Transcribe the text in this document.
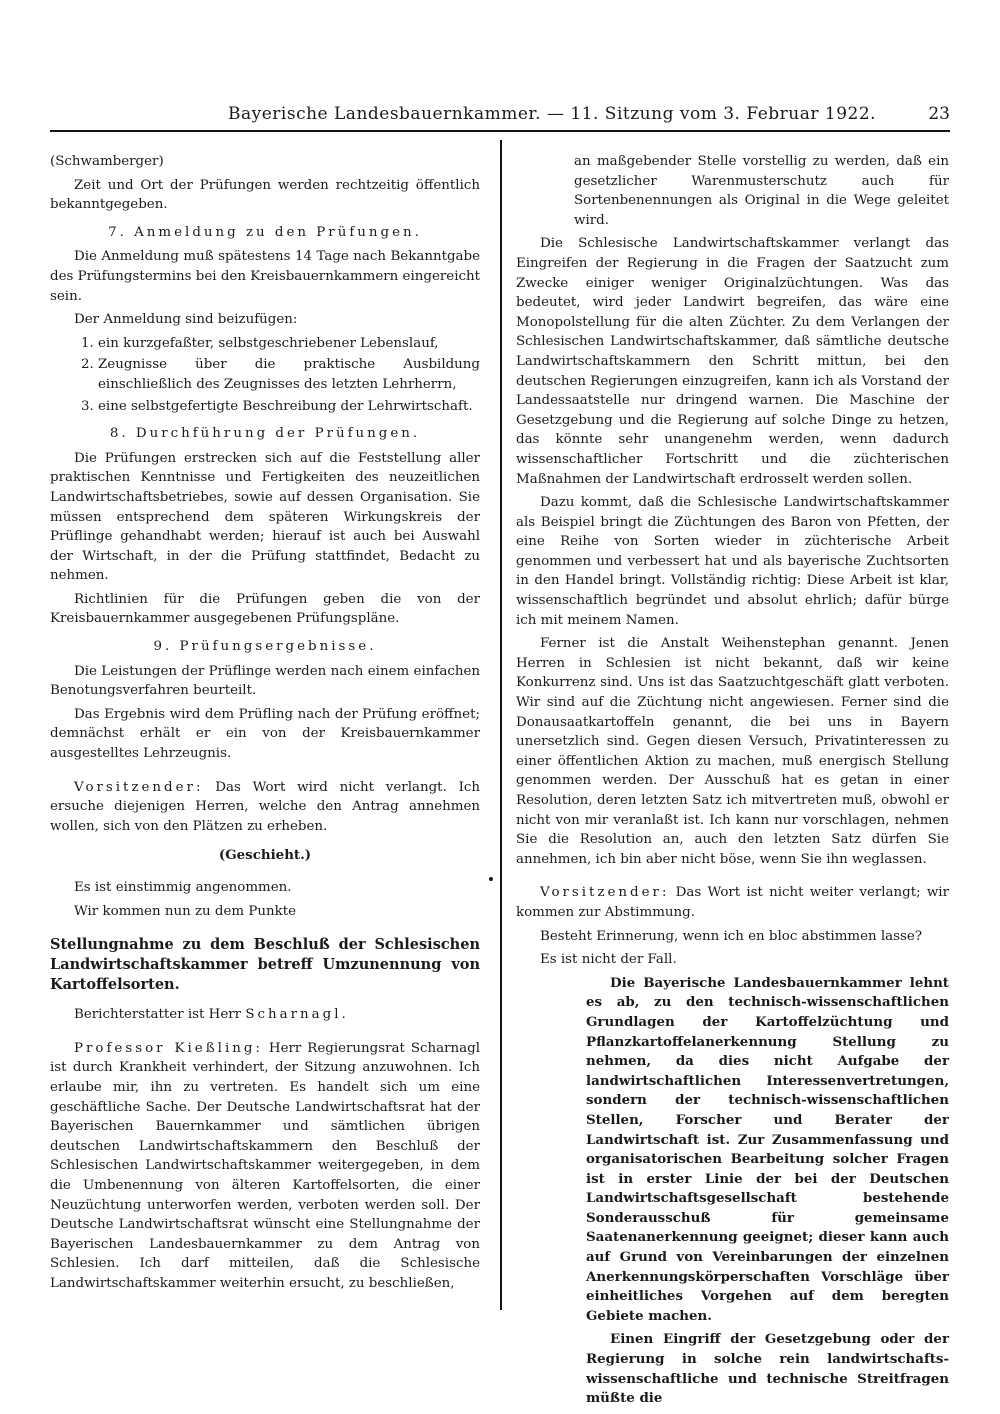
Bayerische Landesbauernkammer. — 11. Sitzung vom 3. Februar 1922.	23

(Schwamberger)

Zeit und Ort der Prüfungen werden rechtzeitig öffentlich bekanntgegeben.

7. Anmeldung zu den Prüfungen.

Die Anmeldung muß spätestens 14 Tage nach Bekanntgabe des Prüfungstermins bei den Kreisbauernkammern eingereicht sein.

Der Anmeldung sind beizufügen:

1. ein kurzgefaßter, selbstgeschriebener Lebenslauf,
2. Zeugnisse über die praktische Ausbildung einschließlich des Zeugnisses des letzten Lehrherrn,
3. eine selbstgefertigte Beschreibung der Lehrwirtschaft.
8. Durchführung der Prüfungen.

Die Prüfungen erstrecken sich auf die Feststellung aller praktischen Kenntnisse und Fertigkeiten des neuzeitlichen Landwirtschaftsbetriebes, sowie auf dessen Organisation. Sie müssen entsprechend dem späteren Wirkungskreis der Prüflinge gehandhabt werden; hierauf ist auch bei Auswahl der Wirtschaft, in der die Prüfung stattfindet, Bedacht zu nehmen.

Richtlinien für die Prüfungen geben die von der Kreisbauernkammer ausgegebenen Prüfungspläne.

9. Prüfungsergebnisse.

Die Leistungen der Prüflinge werden nach einem einfachen Benotungsverfahren beurteilt.

Das Ergebnis wird dem Prüfling nach der Prüfung eröffnet; demnächst erhält er ein von der Kreisbauernkammer ausgestelltes Lehrzeugnis.

Vorsitzender: Das Wort wird nicht verlangt. Ich ersuche diejenigen Herren, welche den Antrag annehmen wollen, sich von den Plätzen zu erheben.

(Geschieht.)

Es ist einstimmig angenommen.

Wir kommen nun zu dem Punkte

Stellungnahme zu dem Beschluß der Schlesischen Landwirtschaftskammer betreff Umzunennung von Kartoffelsorten.

Berichterstatter ist Herr Scharnagl.

Professor Kießling: Herr Regierungsrat Scharnagl ist durch Krankheit verhindert, der Sitzung anzuwohnen. Ich erlaube mir, ihn zu vertreten. Es handelt sich um eine geschäftliche Sache. Der Deutsche Landwirtschaftsrat hat der Bayerischen Bauernkammer und sämtlichen übrigen deutschen Landwirtschaftskammern den Beschluß der Schlesischen Landwirtschaftskammer weitergegeben, in dem die Umbenennung von älteren Kartoffelsorten, die einer Neuzüchtung unterworfen werden, verboten werden soll. Der Deutsche Landwirtschaftsrat wünscht eine Stellungnahme der Bayerischen Landesbauernkammer zu dem Antrag von Schlesien. Ich darf mitteilen, daß die Schlesische Landwirtschaftskammer weiterhin ersucht, zu beschließen,

an maßgebender Stelle vorstellig zu werden, daß ein gesetzlicher Warenmusterschutz auch für Sortenbenennungen als Original in die Wege geleitet wird.

Die Schlesische Landwirtschaftskammer verlangt das Eingreifen der Regierung in die Fragen der Saatzucht zum Zwecke einiger weniger Originalzüchtungen. Was das bedeutet, wird jeder Landwirt begreifen, das wäre eine Monopolstellung für die alten Züchter. Zu dem Verlangen der Schlesischen Landwirtschaftskammer, daß sämtliche deutsche Landwirtschaftskammern den Schritt mittun, bei den deutschen Regierungen einzugreifen, kann ich als Vorstand der Landessaatstelle nur dringend warnen. Die Maschine der Gesetzgebung und die Regierung auf solche Dinge zu hetzen, das könnte sehr unangenehm werden, wenn dadurch wissenschaftlicher Fortschritt und die züchterischen Maßnahmen der Landwirtschaft erdrosselt werden sollen.

Dazu kommt, daß die Schlesische Landwirtschaftskammer als Beispiel bringt die Züchtungen des Baron von Pfetten, der eine Reihe von Sorten wieder in züchterische Arbeit genommen und verbessert hat und als bayerische Zuchtsorten in den Handel bringt. Vollständig richtig: Diese Arbeit ist klar, wissenschaftlich begründet und absolut ehrlich; dafür bürge ich mit meinem Namen.

Ferner ist die Anstalt Weihenstephan genannt. Jenen Herren in Schlesien ist nicht bekannt, daß wir keine Konkurrenz sind. Uns ist das Saatzuchtgeschäft glatt verboten. Wir sind auf die Züchtung nicht angewiesen. Ferner sind die Donausaatkartoffeln genannt, die bei uns in Bayern unersetzlich sind. Gegen diesen Versuch, Privatinteressen zu einer öffentlichen Aktion zu machen, muß energisch Stellung genommen werden. Der Ausschuß hat es getan in einer Resolution, deren letzten Satz ich mitvertreten muß, obwohl er nicht von mir veranlaßt ist. Ich kann nur vorschlagen, nehmen Sie die Resolution an, auch den letzten Satz dürfen Sie annehmen, ich bin aber nicht böse, wenn Sie ihn weglassen.

Vorsitzender: Das Wort ist nicht weiter verlangt; wir kommen zur Abstimmung.

Besteht Erinnerung, wenn ich en bloc abstimmen lasse?

Es ist nicht der Fall.

Die Bayerische Landesbauernkammer lehnt es ab, zu den technisch-wissenschaftlichen Grundlagen der Kartoffelzüchtung und Pflanzkartoffelanerkennung Stellung zu nehmen, da dies nicht Aufgabe der landwirtschaftlichen Interessenvertretungen, sondern der technisch-wissenschaftlichen Stellen, Forscher und Berater der Landwirtschaft ist. Zur Zusammenfassung und organisatorischen Bearbeitung solcher Fragen ist in erster Linie der bei der Deutschen Landwirtschaftsgesellschaft bestehende Sonderausschuß für gemeinsame Saatenanerkennung geeignet; dieser kann auch auf Grund von Vereinbarungen der einzelnen Anerkennungskörperschaften Vorschläge über einheitliches Vorgehen auf dem beregten Gebiete machen.

Einen Eingriff der Gesetzgebung oder der Regierung in solche rein landwirtschafts-wissenschaftliche und technische Streitfragen müßte die
